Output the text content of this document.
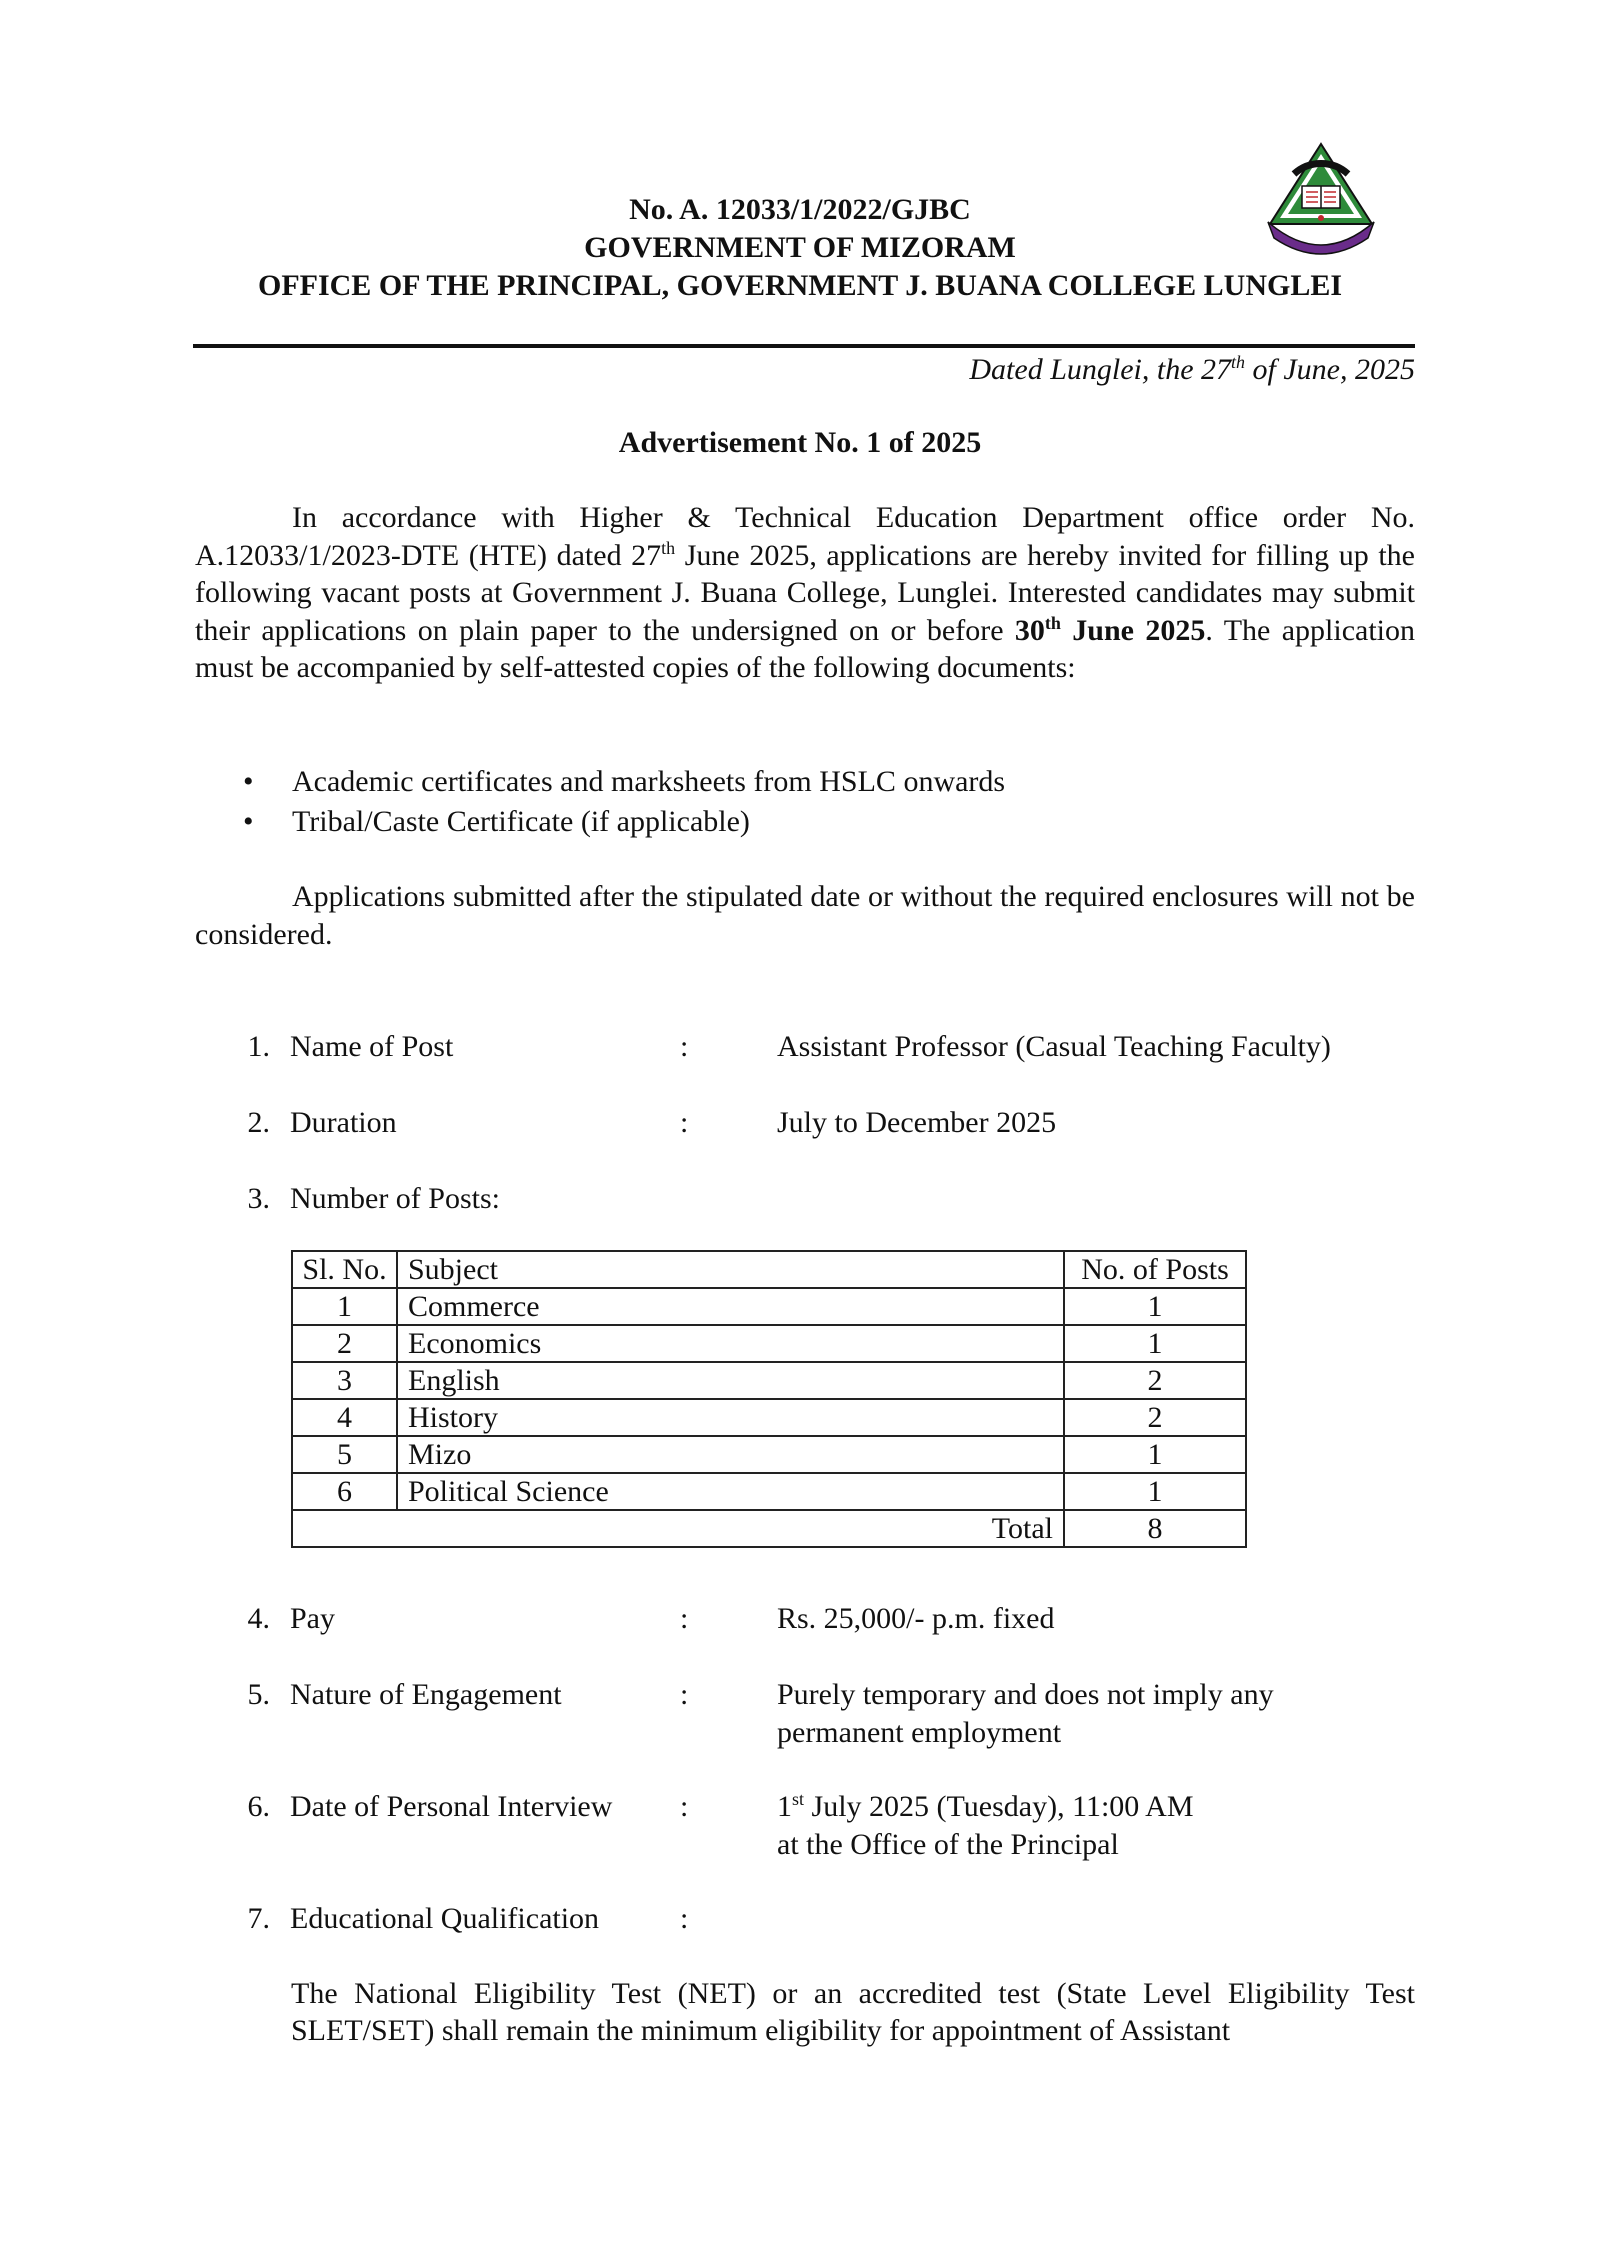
No. A. 12033/1/2022/GJBC
GOVERNMENT OF MIZORAM
OFFICE OF THE PRINCIPAL, GOVERNMENT J. BUANA COLLEGE LUNGLEI
Dated Lunglei, the 27th of June, 2025
Advertisement No. 1 of 2025
In accordance with Higher & Technical Education Department office order No. A.12033/1/2023-DTE (HTE) dated 27th June 2025, applications are hereby invited for filling up the following vacant posts at Government J. Buana College, Lunglei. Interested candidates may submit their applications on plain paper to the undersigned on or before 30th June 2025. The application must be accompanied by self-attested copies of the following documents:
• Academic certificates and marksheets from HSLC onwards
• Tribal/Caste Certificate (if applicable)
Applications submitted after the stipulated date or without the required enclosures will not be considered.
1. Name of Post	:	Assistant Professor (Casual Teaching Faculty)
2. Duration	:	July to December 2025
3. Number of Posts:
Sl. No.	Subject	No. of Posts
1	Commerce	1
2	Economics	1
3	English	2
4	History	2
5	Mizo	1
6	Political Science	1
Total		8
4. Pay	:	Rs. 25,000/- p.m. fixed
5. Nature of Engagement	:	Purely temporary and does not imply any
permanent employment
6. Date of Personal Interview :	1st July 2025 (Tuesday), 11:00 AM
at the Office of the Principal
7. Educational Qualification	:
The National Eligibility Test (NET) or an accredited test (State Level Eligibility Test SLET/SET) shall remain the minimum eligibility for appointment of Assistant
